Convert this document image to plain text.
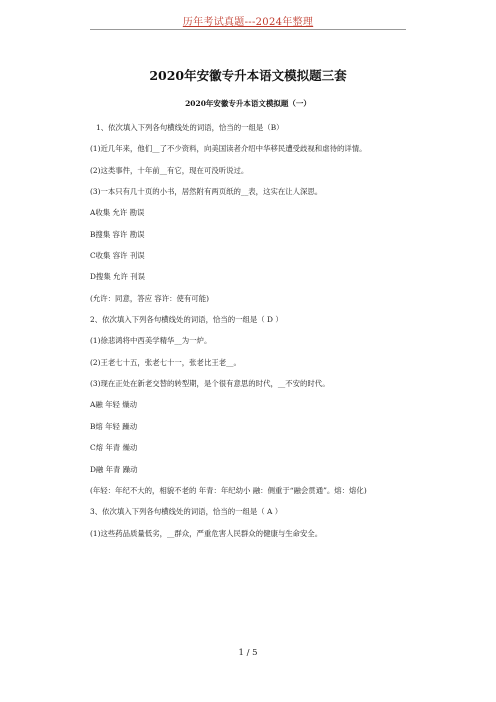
历年考试真题---2024年整理
2020年安徽专升本语文模拟题三套
2020年安徽专升本语文模拟题（一）
1、依次填入下列各句横线处的词语，恰当的一组是（B）
(1)近几年来，他们__了不少资料，向美国读者介绍中华移民遭受歧视和虐待的详情。
(2)这类事件，十年前__有它，现在可没听说过。
(3)一本只有几十页的小书，居然附有两页纸的__表，这实在让人深思。
A收集 允许 勘误
B搜集 容许 勘误
C收集 容许 刊误
D搜集 允许 刊误
(允许：同意，答应 容许：使有可能)
2、依次填入下列各句横线处的词语，恰当的一组是（ D ）
(1)徐悲鸿将中西美学精华__为一炉。
(2)王老七十五，张老七十一，张老比王老__。
(3)现在正处在新老交替的转型期，是个很有意思的时代，__不安的时代。
A融 年轻 燥动
B熔 年轻 躁动
C熔 年青 燥动
D融 年青 躁动
(年轻：年纪不大的，相貌不老的 年青：年纪幼小 融：侧重于“融会贯通”。熔：熔化)
3、依次填入下列各句横线处的词语，恰当的一组是（ A ）
(1)这些药品质量低劣，__群众，严重危害人民群众的健康与生命安全。
1 / 5
